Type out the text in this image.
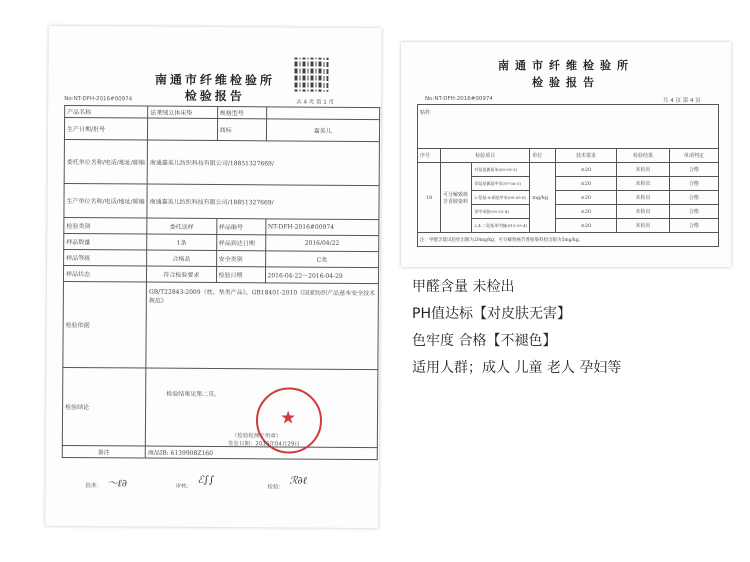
南通市纤维检验所
检验报告
No:NT-DFH-2016#00974
共 4 页 第 1 页
产品名称	法莱绒立体床垫	规格型号	
生产日期/批号		商标	嘉美儿
委托单位名称/电话/地址/邮编	南通嘉美儿纺织科技有限公司/18851327669/		
生产单位名称/电话/地址/邮编	南通嘉美儿纺织科技有限公司/18851327669/		
检验类别	委托送样	样品编号	NT-DFH-2016#00974
样品数量	1条	样品到达日期	2016/04/22
样品等级	合格品	安全类别	C类
样品状态	符合检验要求	检验日期	2016-04-22～2016-04-29
检验依据	GB/T22843-2009《枕、垫类产品》、GB18401-2010《国家纺织产品基本安全技术规范》		
检验结论	检验结果见第二页。		
备注	商品IB: 6139908Z160		
★
（检验检测专用章）
签发日期：2016年04月29日
批准： 〜ℓ∂	审核：
ℰ∫∫
检验：
ℛ∂ℓ
南通市纤维检验所
检验报告
No:NT-DFH-2016#00974	共 4 页 第 4 页
贴样						
序号	检验项目		单位	技术要求	检验结果	单项判定
18	可分解致癌芳香胺染料	对氨基偶氮苯(60-09-3)	mg/kg	≤20	未检出	合格
		邻氨基偶氮甲苯(97-56-3)		≤20	未检出	合格
		2-氨基-4-硝基甲苯(99-55-8)		≤20	未检出	合格
		邻甲苯胺(95-53-4)		≤20	未检出	合格
		2,4-二氨基苯甲醚(615-05-4)		≤20	未检出	合格
注：甲醛含量试验检出限为20mg/kg；可分解致癌芳香胺染料检出限为5mg/kg。						
甲醛含量 未检出
PH值达标【对皮肤无害】
色牢度 合格【不褪色】
适用人群；成人 儿童 老人 孕妇等
